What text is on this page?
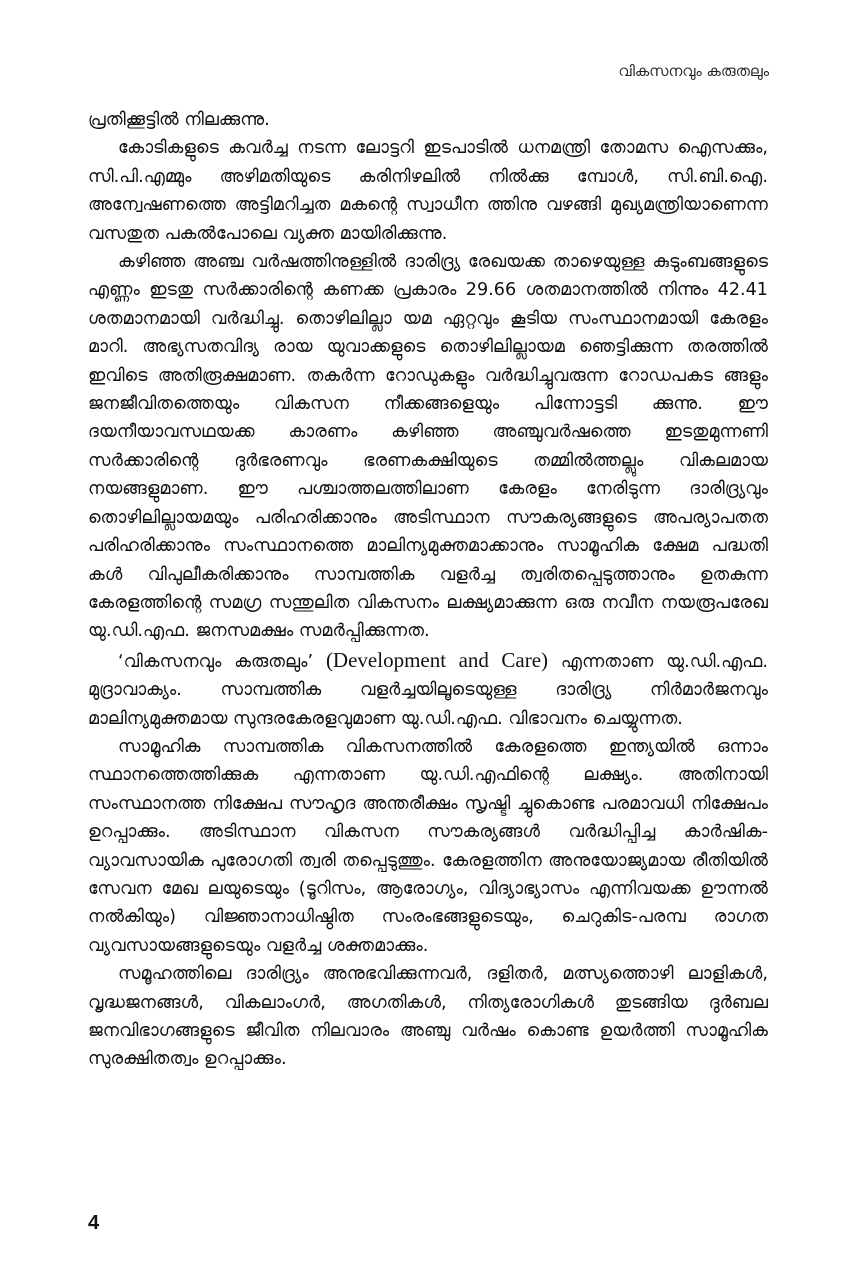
വികസനവും കരുതലും

പ്രതിക്കൂട്ടിൽ നിലക്കുന്നു.

കോടികളുടെ കവർച്ച നടന്ന ലോട്ടറി ഇടപാടിൽ ധനമന്ത്രി തോമസ ഐസക്കും, സി.പി.എമ്മും അഴിമതിയുടെ കരിനിഴലിൽ നിൽക്കു മ്പോൾ, സി.ബി.ഐ. അന്വേഷണത്തെ അട്ടിമറിച്ചത മകന്റെ സ്വാധീന ത്തിനു വഴങ്ങി മുഖ്യമന്ത്രിയാണെന്ന വസതുത പകൽപോലെ വ്യക്ത മായിരിക്കുന്നു.

കഴിഞ്ഞ അഞ്ച വർഷത്തിനുള്ളിൽ ദാരിദ്ര്യ രേഖയക്ക താഴെയുള്ള കുടുംബങ്ങളുടെ എണ്ണം ഇടതു സർക്കാരിന്റെ കണക്ക പ്രകാരം 29.66 ശതമാനത്തിൽ നിന്നും 42.41 ശതമാനമായി വർദ്ധിച്ചു. തൊഴിലില്ലാ യമ ഏറ്റവും കൂടിയ സംസ്ഥാനമായി കേരളം മാറി. അഭ്യസതവിദ്യ രായ യുവാക്കളുടെ തൊഴിലില്ലായമ ഞെട്ടിക്കുന്ന തരത്തിൽ ഇവിടെ അതിരൂക്ഷമാണ. തകർന്ന റോഡുകളും വർദ്ധിച്ചുവരുന്ന റോഡപകട ങ്ങളും ജനജീവിതത്തെയും വികസന നീക്കങ്ങളെയും പിന്നോട്ടടി ക്കുന്നു. ഈ ദയനീയാവസഥയക്ക കാരണം കഴിഞ്ഞ അഞ്ചുവർഷത്തെ ഇടതുമുന്നണി സർക്കാരിന്റെ ദുർഭരണവും ഭരണകക്ഷിയുടെ തമ്മിൽത്തല്ലും വികലമായ നയങ്ങളുമാണ. ഈ പശ്ചാത്തലത്തിലാണ കേരളം നേരിടുന്ന ദാരിദ്ര്യവും തൊഴിലില്ലായമയും പരിഹരിക്കാനും അടിസ്ഥാന സൗകര്യങ്ങളുടെ അപര്യാപതത പരിഹരിക്കാനും സംസ്ഥാനത്തെ മാലിന്യമുക്തമാക്കാനും സാമൂഹിക ക്ഷേമ പദ്ധതി കൾ വിപുലീകരിക്കാനും സാമ്പത്തിക വളർച്ച ത്വരിതപ്പെടുത്താനും ഉതകുന്ന കേരളത്തിന്റെ സമഗ്ര സന്തുലിത വികസനം ലക്ഷ്യമാക്കുന്ന ഒരു നവീന നയരൂപരേഖ യു.ഡി.എഫ. ജനസമക്ഷം സമർപ്പിക്കുന്നത.

‘വികസനവും കരുതലും’ (Development and Care) എന്നതാണ യു.ഡി.എഫ. മുദ്രാവാക്യം. സാമ്പത്തിക വളർച്ചയിലൂടെയുള്ള ദാരിദ്ര്യ നിർമാർജനവും മാലിന്യമുക്തമായ സുന്ദരകേരളവുമാണ യു.ഡി.എഫ. വിഭാവനം ചെയ്യുന്നത.

സാമൂഹിക സാമ്പത്തിക വികസനത്തിൽ കേരളത്തെ ഇന്ത്യയിൽ ഒന്നാം സ്ഥാനത്തെത്തിക്കുക എന്നതാണ യു.ഡി.എഫിന്റെ ലക്ഷ്യം. അതിനായി സംസ്ഥാനത്ത നിക്ഷേപ സൗഹൃദ അന്തരീക്ഷം സൃഷ്ടി ച്ചുകൊണ്ട പരമാവധി നിക്ഷേപം ഉറപ്പാക്കും. അടിസ്ഥാന വികസന സൗകര്യങ്ങൾ വർദ്ധിപ്പിച്ച കാർഷിക-വ്യാവസായിക പുരോഗതി ത്വരി തപ്പെടുത്തും. കേരളത്തിന അനുയോജ്യമായ രീതിയിൽ സേവന മേഖ ലയുടെയും (ടൂറിസം, ആരോഗ്യം, വിദ്യാഭ്യാസം എന്നിവയക്ക ഊന്നൽ നൽകിയും) വിജ്ഞാനാധിഷ്ഠിത സംരംഭങ്ങളുടെയും, ചെറുകിട-പരമ്പ രാഗത വ്യവസായങ്ങളുടെയും വളർച്ച ശക്തമാക്കും.

സമൂഹത്തിലെ ദാരിദ്ര്യം അനുഭവിക്കുന്നവർ, ദളിതർ, മത്സ്യത്തൊഴി ലാളികൾ, വൃദ്ധജനങ്ങൾ, വികലാംഗർ, അഗതികൾ, നിത്യരോഗികൾ തുടങ്ങിയ ദുർബല ജനവിഭാഗങ്ങളുടെ ജീവിത നിലവാരം അഞ്ചു വർഷം കൊണ്ട ഉയർത്തി സാമൂഹിക സുരക്ഷിതത്വം ഉറപ്പാക്കും.

4
